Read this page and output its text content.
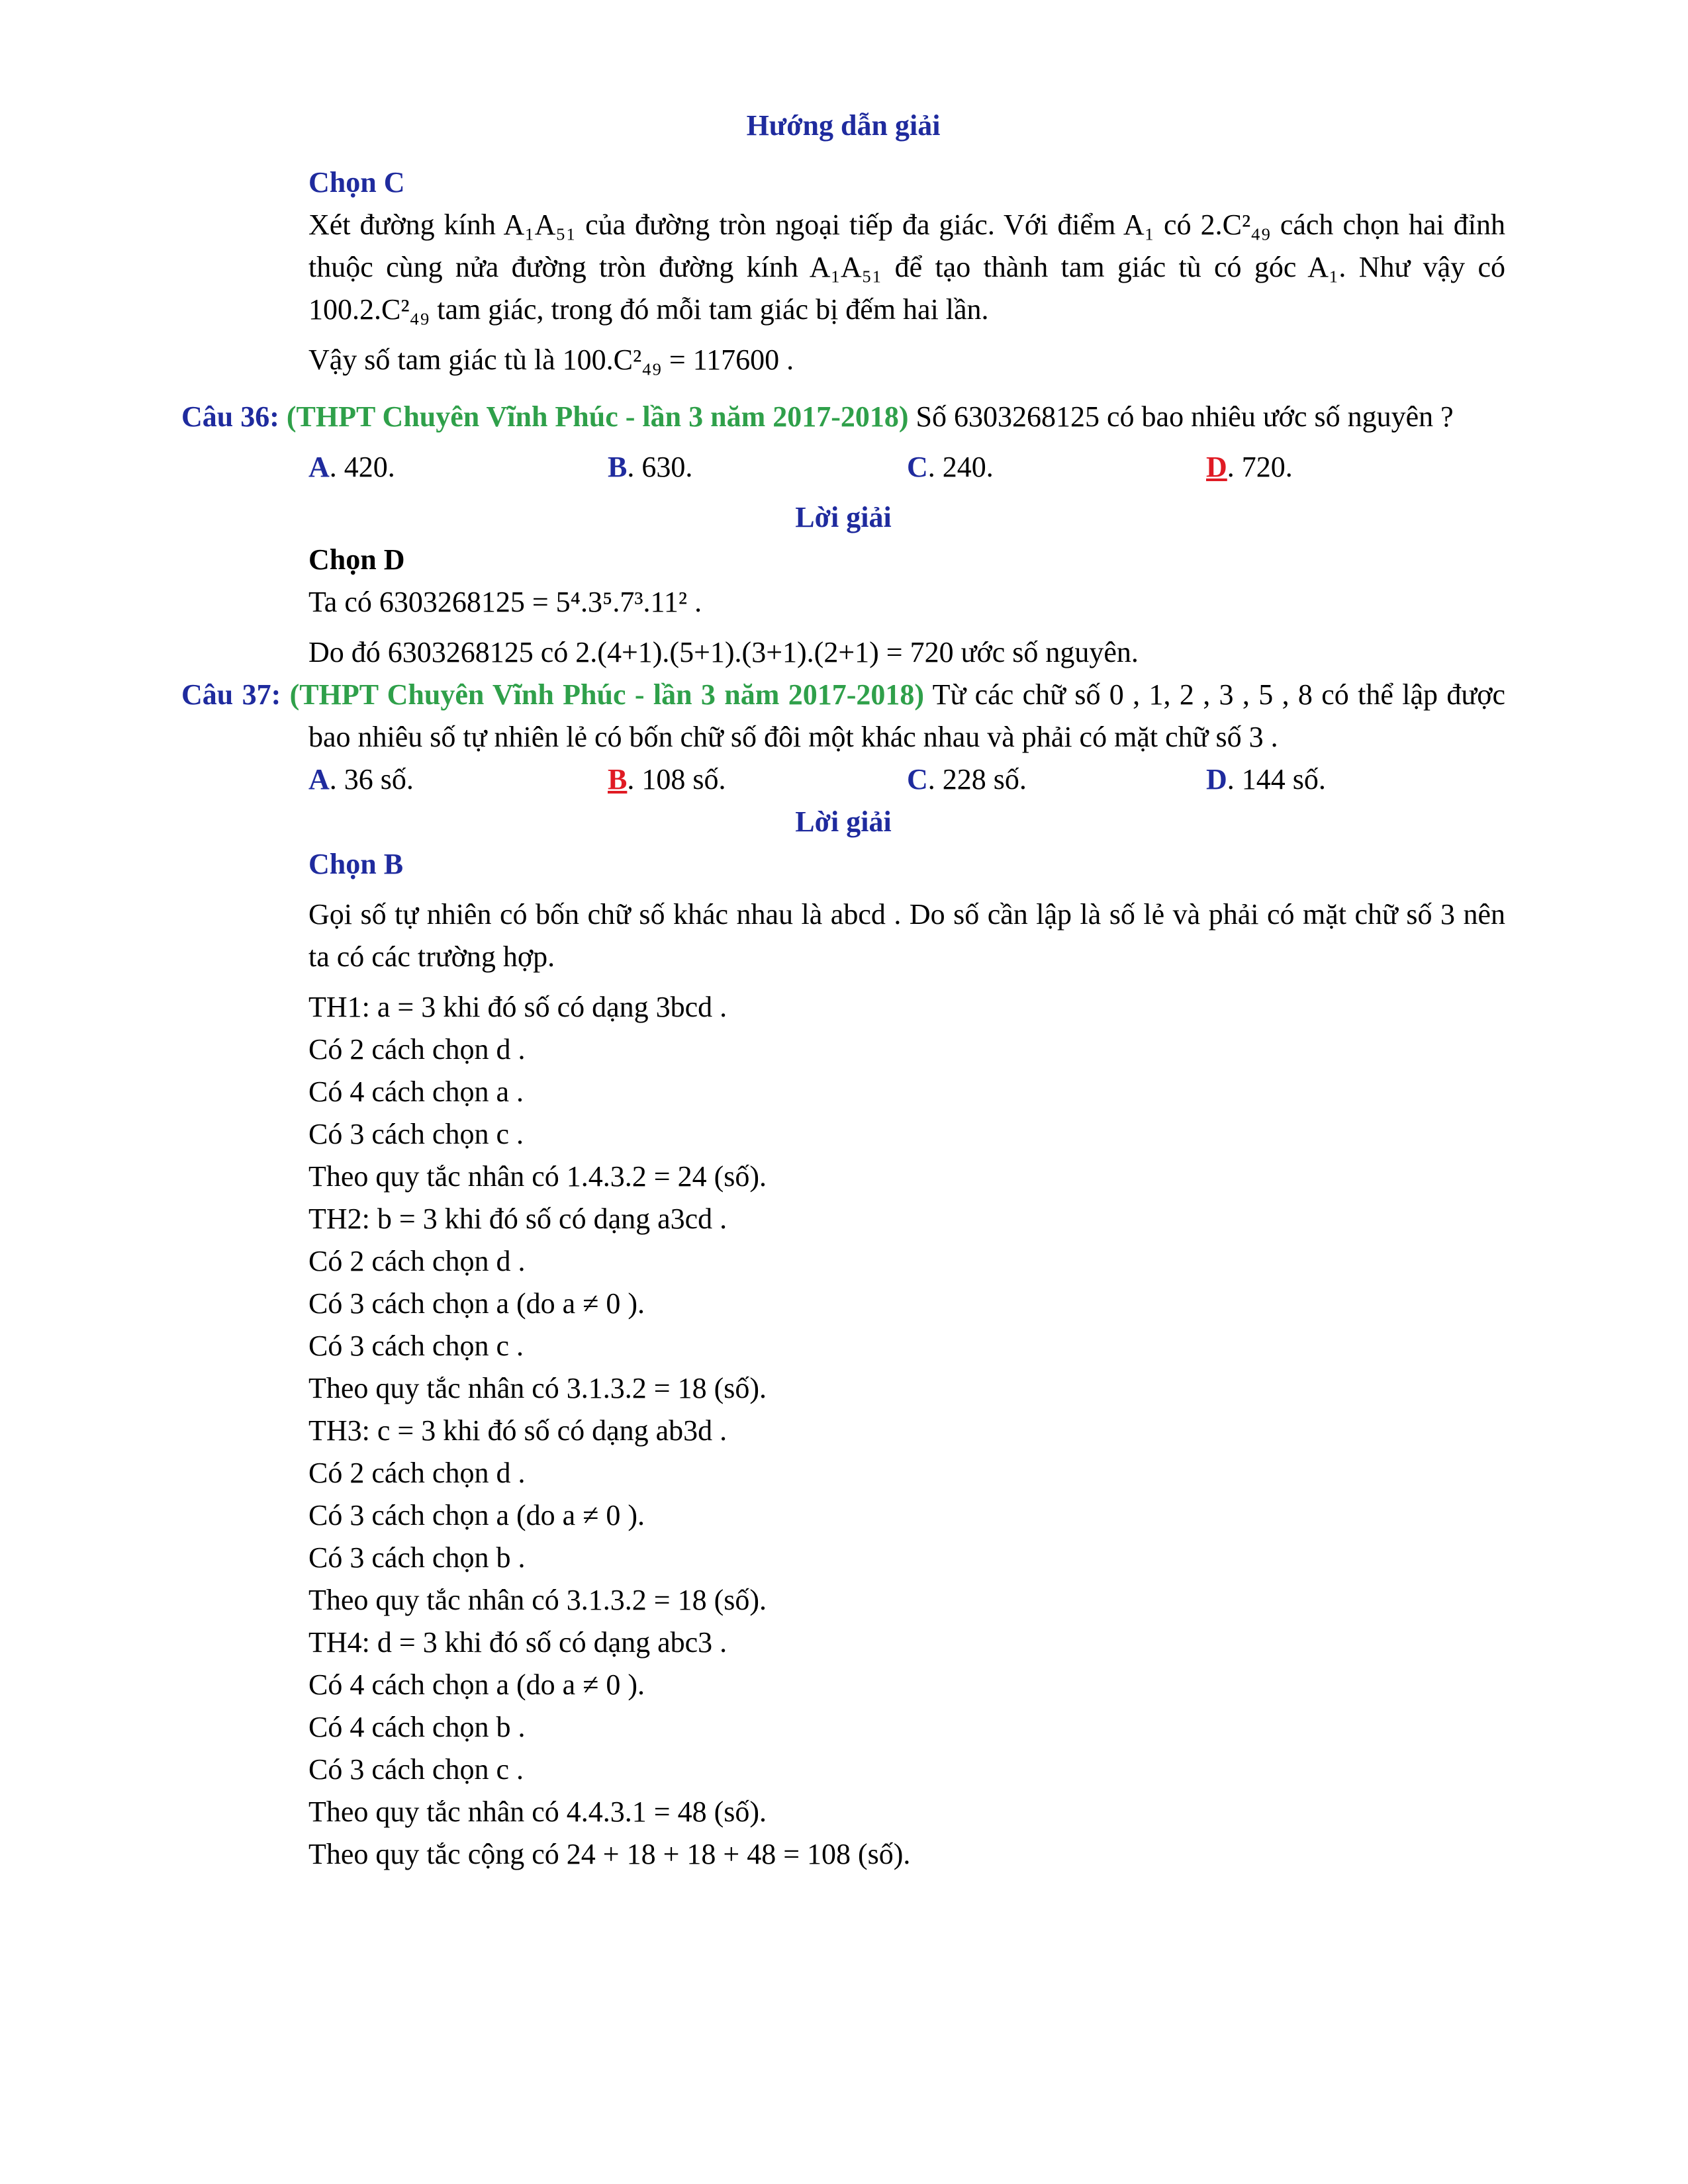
Hướng dẫn giải

Chọn C

Xét đường kính A₁A₅₁ của đường tròn ngoại tiếp đa giác. Với điểm A₁ có 2.C²₄₉ cách chọn hai đỉnh thuộc cùng nửa đường tròn đường kính A₁A₅₁ để tạo thành tam giác tù có góc A₁. Như vậy có 100.2.C²₄₉ tam giác, trong đó mỗi tam giác bị đếm hai lần.

Vậy số tam giác tù là 100.C²₄₉ = 117600 .

Câu 36: (THPT Chuyên Vĩnh Phúc - lần 3 năm 2017-2018) Số 6303268125 có bao nhiêu ước số nguyên ?

A. 420.	B. 630.	C. 240.	D. 720.

Lời giải

Chọn D

Ta có 6303268125 = 5⁴.3⁵.7³.11² .

Do đó 6303268125 có 2.(4+1).(5+1).(3+1).(2+1) = 720 ước số nguyên.

Câu 37: (THPT Chuyên Vĩnh Phúc - lần 3 năm 2017-2018) Từ các chữ số 0 , 1, 2 , 3 , 5 , 8 có thể lập được bao nhiêu số tự nhiên lẻ có bốn chữ số đôi một khác nhau và phải có mặt chữ số 3 .

A. 36 số.	B. 108 số.	C. 228 số.	D. 144 số.

Lời giải

Chọn B

Gọi số tự nhiên có bốn chữ số khác nhau là abcd . Do số cần lập là số lẻ và phải có mặt chữ số 3 nên ta có các trường hợp.

TH1: a = 3 khi đó số có dạng 3bcd .

Có 2 cách chọn d .

Có 4 cách chọn a .

Có 3 cách chọn c .

Theo quy tắc nhân có 1.4.3.2 = 24 (số).

TH2: b = 3 khi đó số có dạng a3cd .

Có 2 cách chọn d .

Có 3 cách chọn a (do a ≠ 0 ).

Có 3 cách chọn c .

Theo quy tắc nhân có 3.1.3.2 = 18 (số).

TH3: c = 3 khi đó số có dạng ab3d .

Có 2 cách chọn d .

Có 3 cách chọn a (do a ≠ 0 ).

Có 3 cách chọn b .

Theo quy tắc nhân có 3.1.3.2 = 18 (số).

TH4: d = 3 khi đó số có dạng abc3 .

Có 4 cách chọn a (do a ≠ 0 ).

Có 4 cách chọn b .

Có 3 cách chọn c .

Theo quy tắc nhân có 4.4.3.1 = 48 (số).

Theo quy tắc cộng có 24 + 18 + 18 + 48 = 108 (số).
